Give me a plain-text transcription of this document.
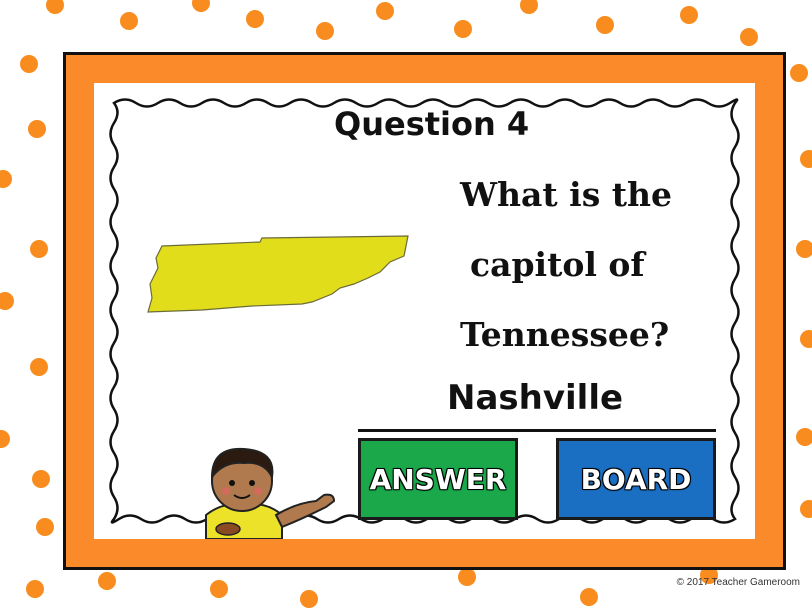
Question 4
What is the
capitol of
Tennessee?
Nashville
ANSWER	BOARD
© 2017 Teacher Gameroom
